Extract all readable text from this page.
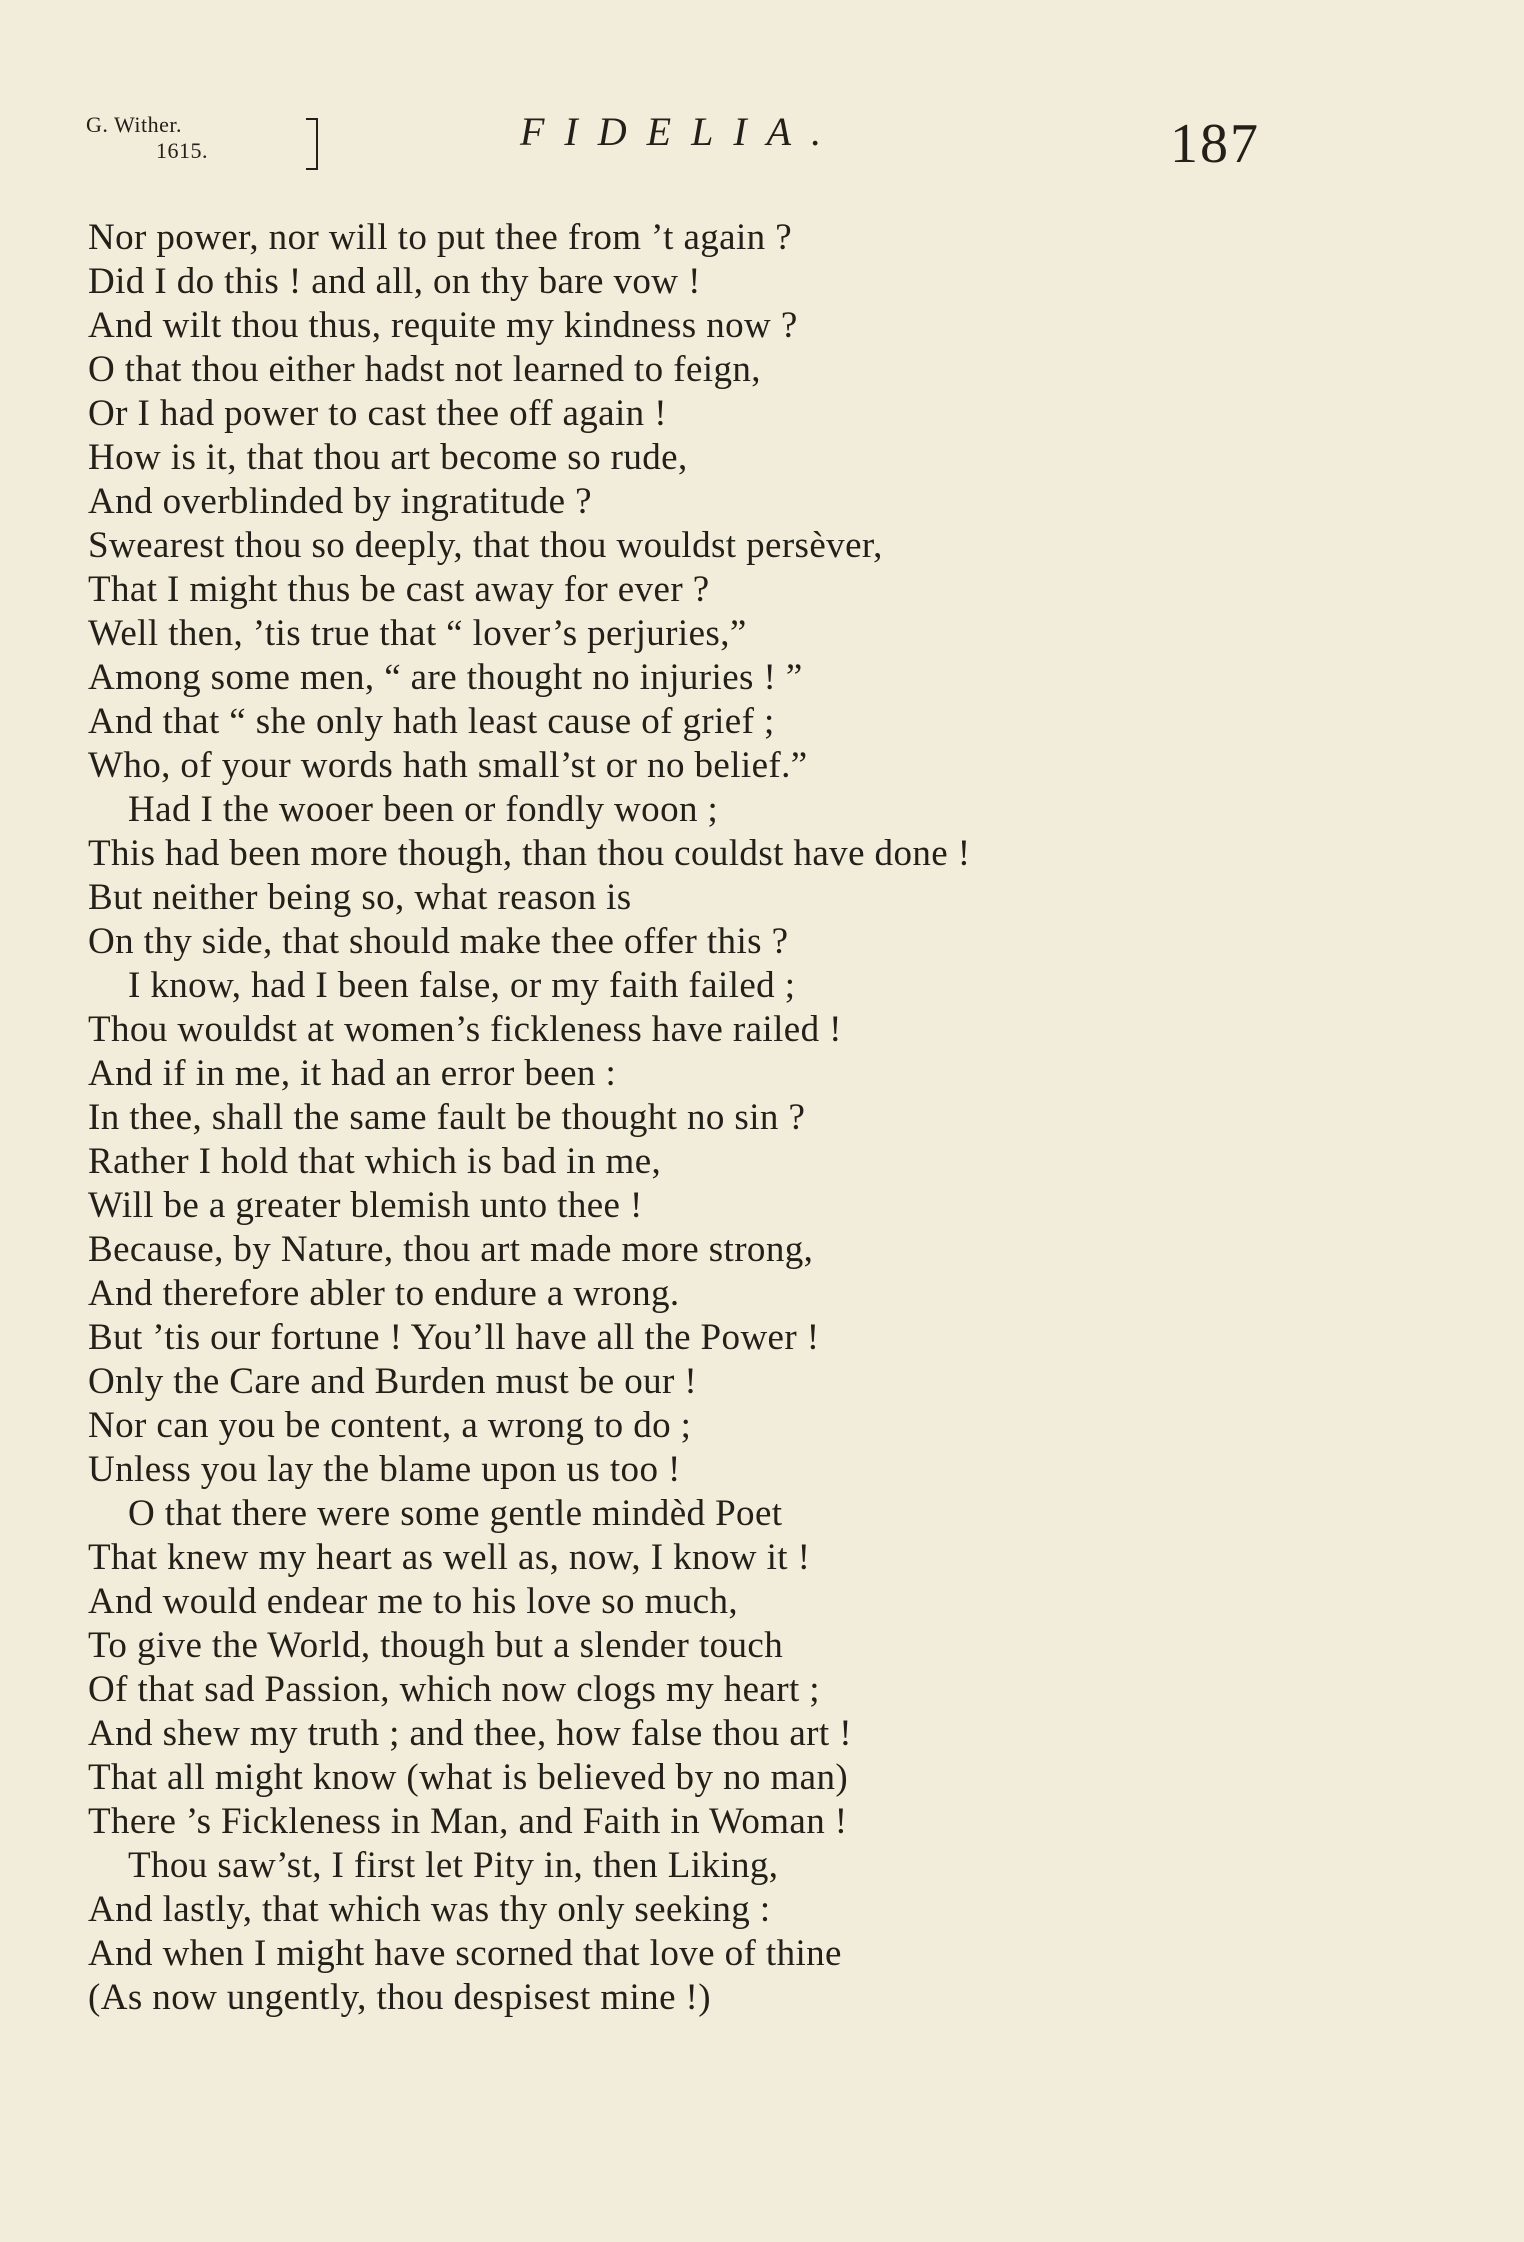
G. Wither.
1615.	FIDELIA.	187
Nor power, nor will to put thee from ’t again ?
Did I do this ! and all, on thy bare vow !
And wilt thou thus, requite my kindness now ?
O that thou either hadst not learned to feign,
Or I had power to cast thee off again !
How is it, that thou art become so rude,
And overblinded by ingratitude ?
Swearest thou so deeply, that thou wouldst persèver,
That I might thus be cast away for ever ?
Well then, ’tis true that “ lover’s perjuries,”
Among some men, “ are thought no injuries ! ”
And that “ she only hath least cause of grief ;
Who, of your words hath small’st or no belief.”
Had I the wooer been or fondly woon ;
This had been more though, than thou couldst have done !
But neither being so, what reason is
On thy side, that should make thee offer this ?
I know, had I been false, or my faith failed ;
Thou wouldst at women’s fickleness have railed !
And if in me, it had an error been :
In thee, shall the same fault be thought no sin ?
Rather I hold that which is bad in me,
Will be a greater blemish unto thee !
Because, by Nature, thou art made more strong,
And therefore abler to endure a wrong.
But ’tis our fortune ! You’ll have all the Power !
Only the Care and Burden must be our !
Nor can you be content, a wrong to do ;
Unless you lay the blame upon us too !
O that there were some gentle mindèd Poet
That knew my heart as well as, now, I know it !
And would endear me to his love so much,
To give the World, though but a slender touch
Of that sad Passion, which now clogs my heart ;
And shew my truth ; and thee, how false thou art !
That all might know (what is believed by no man)
There ’s Fickleness in Man, and Faith in Woman !
Thou saw’st, I first let Pity in, then Liking,
And lastly, that which was thy only seeking :
And when I might have scorned that love of thine
(As now ungently, thou despisest mine !)
